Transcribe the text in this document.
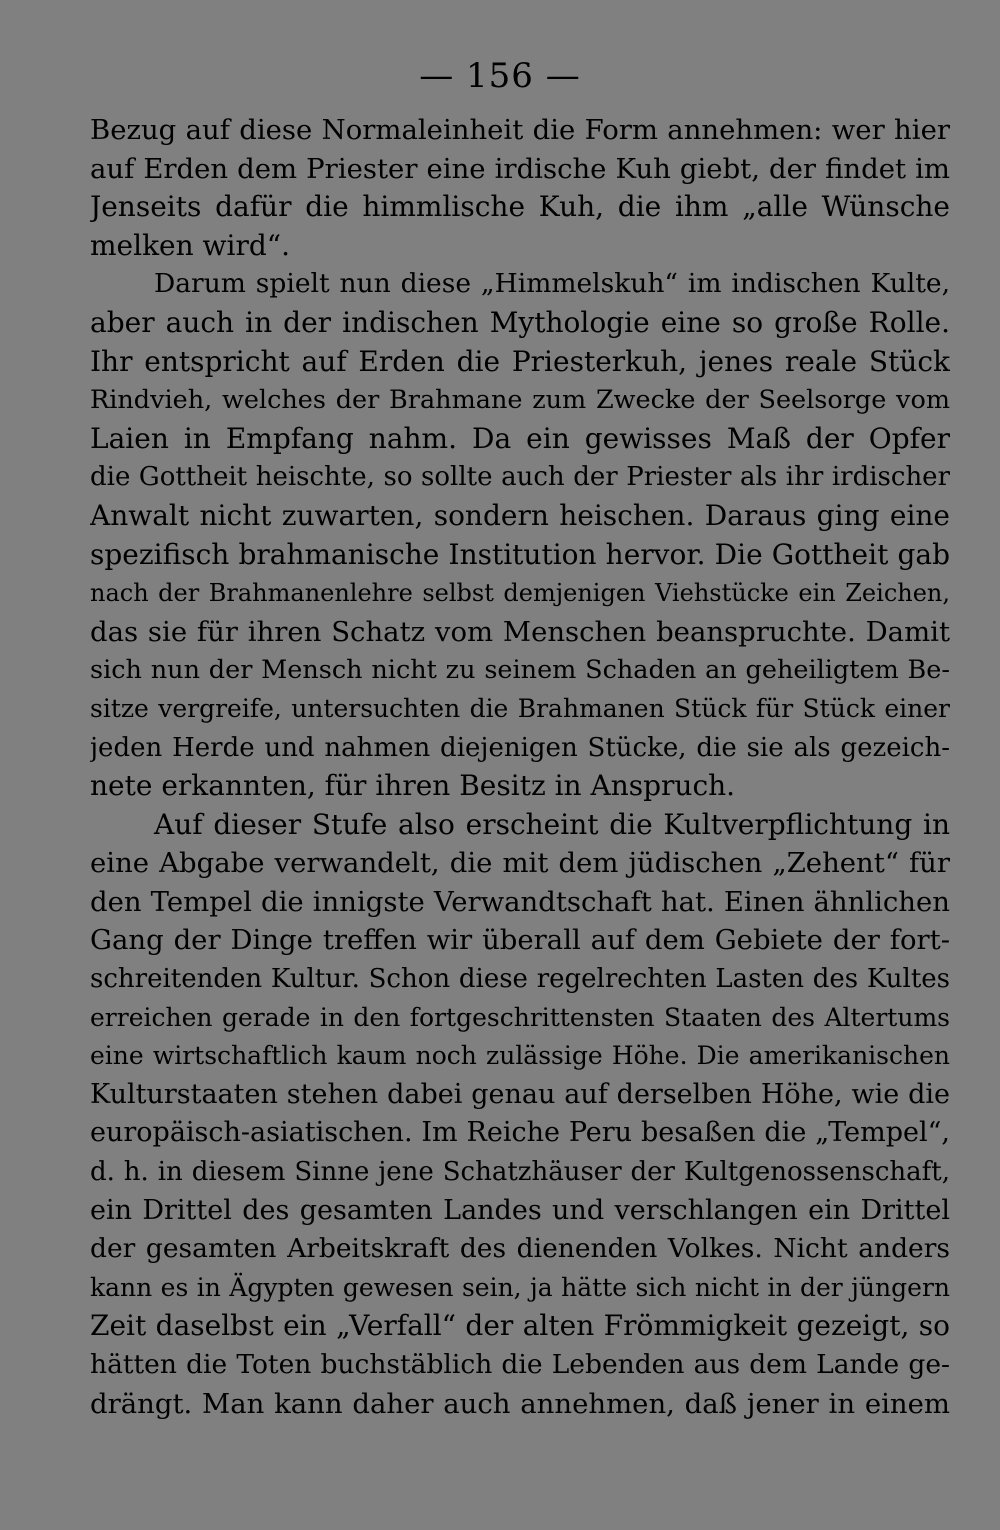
— 156 —
Bezug auf diese Normaleinheit die Form annehmen: wer hier
auf Erden dem Priester eine irdische Kuh giebt, der findet im
Jenseits dafür die himmlische Kuh, die ihm „alle Wünsche
melken wird“.
Darum spielt nun diese „Himmelskuh“ im indischen Kulte,
aber auch in der indischen Mythologie eine so große Rolle.
Ihr entspricht auf Erden die Priesterkuh, jenes reale Stück
Rindvieh, welches der Brahmane zum Zwecke der Seelsorge vom
Laien in Empfang nahm. Da ein gewisses Maß der Opfer
die Gottheit heischte, so sollte auch der Priester als ihr irdischer
Anwalt nicht zuwarten, sondern heischen. Daraus ging eine
spezifisch brahmanische Institution hervor. Die Gottheit gab
nach der Brahmanenlehre selbst demjenigen Viehstücke ein Zeichen,
das sie für ihren Schatz vom Menschen beanspruchte. Damit
sich nun der Mensch nicht zu seinem Schaden an geheiligtem Be-
sitze vergreife, untersuchten die Brahmanen Stück für Stück einer
jeden Herde und nahmen diejenigen Stücke, die sie als gezeich-
nete erkannten, für ihren Besitz in Anspruch.
Auf dieser Stufe also erscheint die Kultverpflichtung in
eine Abgabe verwandelt, die mit dem jüdischen „Zehent“ für
den Tempel die innigste Verwandtschaft hat. Einen ähnlichen
Gang der Dinge treffen wir überall auf dem Gebiete der fort-
schreitenden Kultur. Schon diese regelrechten Lasten des Kultes
erreichen gerade in den fortgeschrittensten Staaten des Altertums
eine wirtschaftlich kaum noch zulässige Höhe. Die amerikanischen
Kulturstaaten stehen dabei genau auf derselben Höhe, wie die
europäisch-asiatischen. Im Reiche Peru besaßen die „Tempel“,
d. h. in diesem Sinne jene Schatzhäuser der Kultgenossenschaft,
ein Drittel des gesamten Landes und verschlangen ein Drittel
der gesamten Arbeitskraft des dienenden Volkes. Nicht anders
kann es in Ägypten gewesen sein, ja hätte sich nicht in der jüngern
Zeit daselbst ein „Verfall“ der alten Frömmigkeit gezeigt, so
hätten die Toten buchstäblich die Lebenden aus dem Lande ge-
drängt. Man kann daher auch annehmen, daß jener in einem
